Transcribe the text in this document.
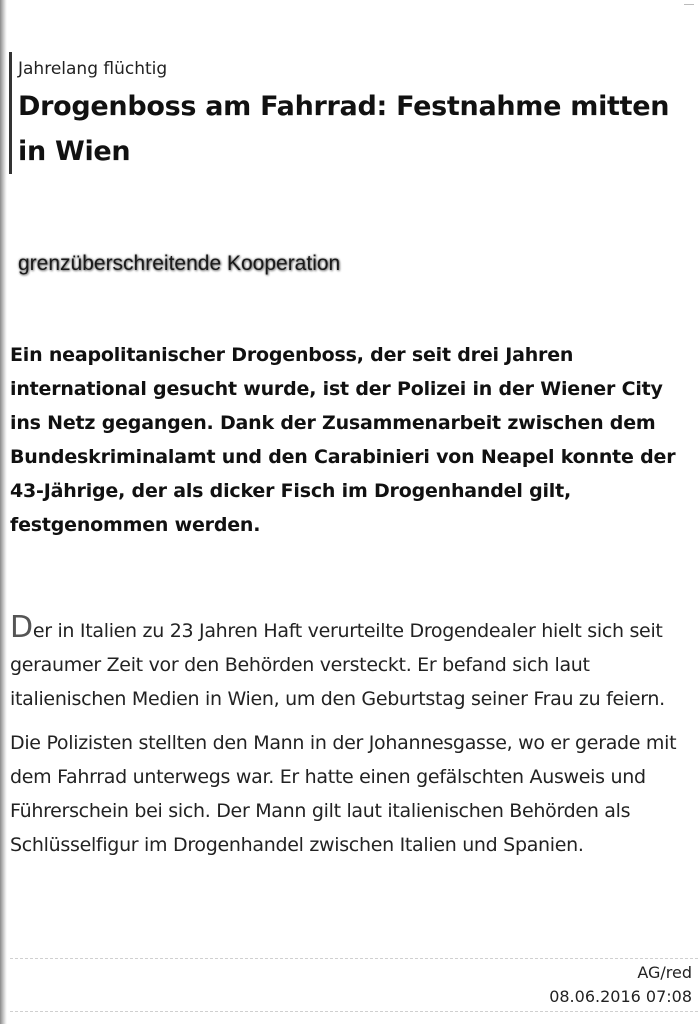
Jahrelang flüchtig

Drogenboss am Fahrrad: Festnahme mitten in Wien

grenzüberschreitende Kooperation

Ein neapolitanischer Drogenboss, der seit drei Jahren international gesucht wurde, ist der Polizei in der Wiener City ins Netz gegangen. Dank der Zusammenarbeit zwischen dem Bundeskriminalamt und den Carabinieri von Neapel konnte der 43-Jährige, der als dicker Fisch im Drogenhandel gilt, festgenommen werden.

Der in Italien zu 23 Jahren Haft verurteilte Drogendealer hielt sich seit geraumer Zeit vor den Behörden versteckt. Er befand sich laut italienischen Medien in Wien, um den Geburtstag seiner Frau zu feiern.

Die Polizisten stellten den Mann in der Johannesgasse, wo er gerade mit dem Fahrrad unterwegs war. Er hatte einen gefälschten Ausweis und Führerschein bei sich. Der Mann gilt laut italienischen Behörden als Schlüsselfigur im Drogenhandel zwischen Italien und Spanien.

AG/red
08.06.2016 07:08
